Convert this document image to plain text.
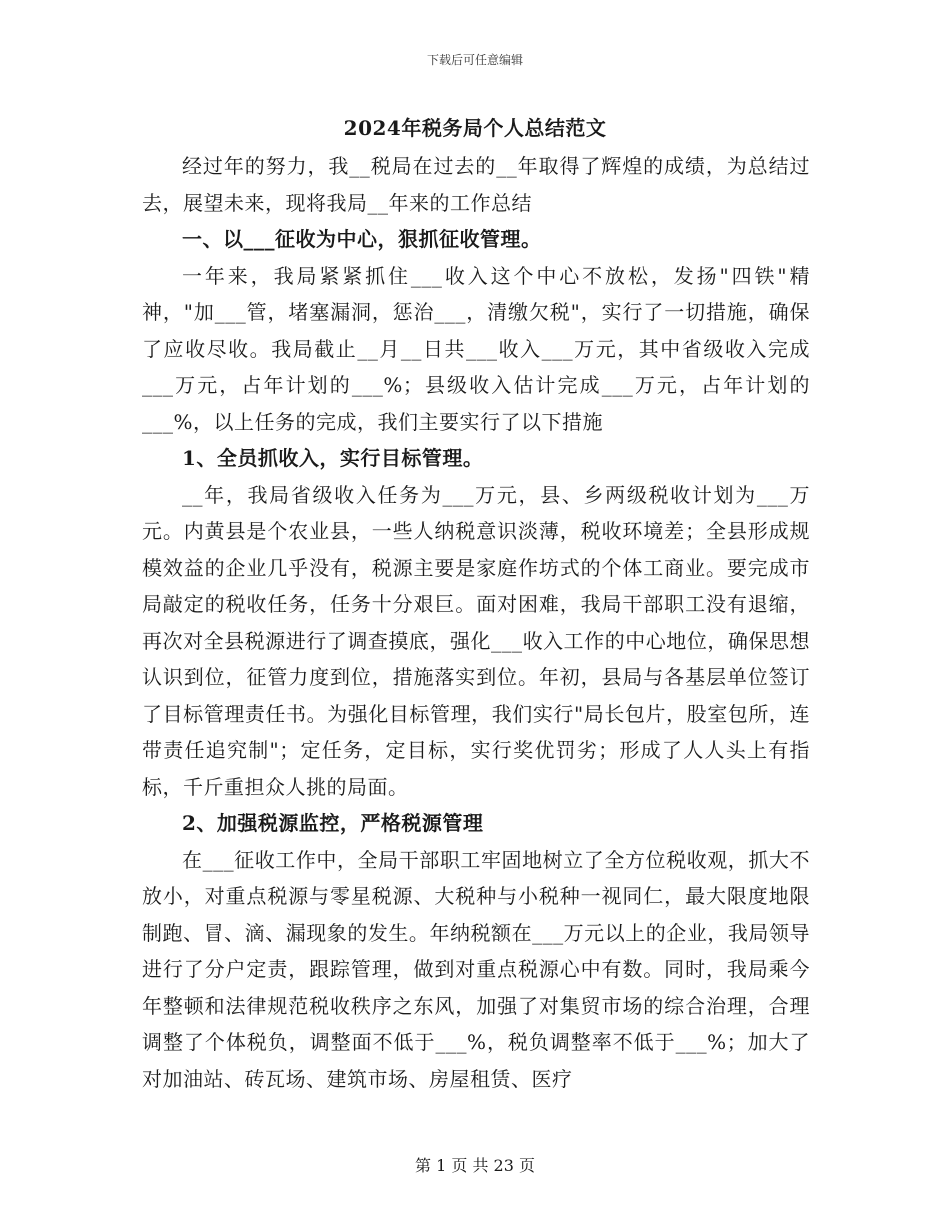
下载后可任意编辑
2024年税务局个人总结范文

经过年的努力，我__税局在过去的__年取得了辉煌的成绩，为总结过去，展望未来，现将我局__年来的工作总结

一、以___征收为中心，狠抓征收管理。

一年来，我局紧紧抓住___收入这个中心不放松，发扬"四铁"精神，"加___管，堵塞漏洞，惩治___，清缴欠税"，实行了一切措施，确保了应收尽收。我局截止__月__日共___收入___万元，其中省级收入完成___万元，占年计划的___%；县级收入估计完成___万元，占年计划的___%，以上任务的完成，我们主要实行了以下措施

1、全员抓收入，实行目标管理。

__年，我局省级收入任务为___万元，县、乡两级税收计划为___万元。内黄县是个农业县，一些人纳税意识淡薄，税收环境差；全县形成规模效益的企业几乎没有，税源主要是家庭作坊式的个体工商业。要完成市局敲定的税收任务，任务十分艰巨。面对困难，我局干部职工没有退缩，再次对全县税源进行了调查摸底，强化___收入工作的中心地位，确保思想认识到位，征管力度到位，措施落实到位。年初，县局与各基层单位签订了目标管理责任书。为强化目标管理，我们实行"局长包片，股室包所，连带责任追究制"；定任务，定目标，实行奖优罚劣；形成了人人头上有指标，千斤重担众人挑的局面。

2、加强税源监控，严格税源管理

在___征收工作中，全局干部职工牢固地树立了全方位税收观，抓大不放小，对重点税源与零星税源、大税种与小税种一视同仁，最大限度地限制跑、冒、滴、漏现象的发生。年纳税额在___万元以上的企业，我局领导进行了分户定责，跟踪管理，做到对重点税源心中有数。同时，我局乘今年整顿和法律规范税收秩序之东风，加强了对集贸市场的综合治理，合理调整了个体税负，调整面不低于___%，税负调整率不低于___%；加大了对加油站、砖瓦场、建筑市场、房屋租赁、医疗

第 1 页 共 23 页
